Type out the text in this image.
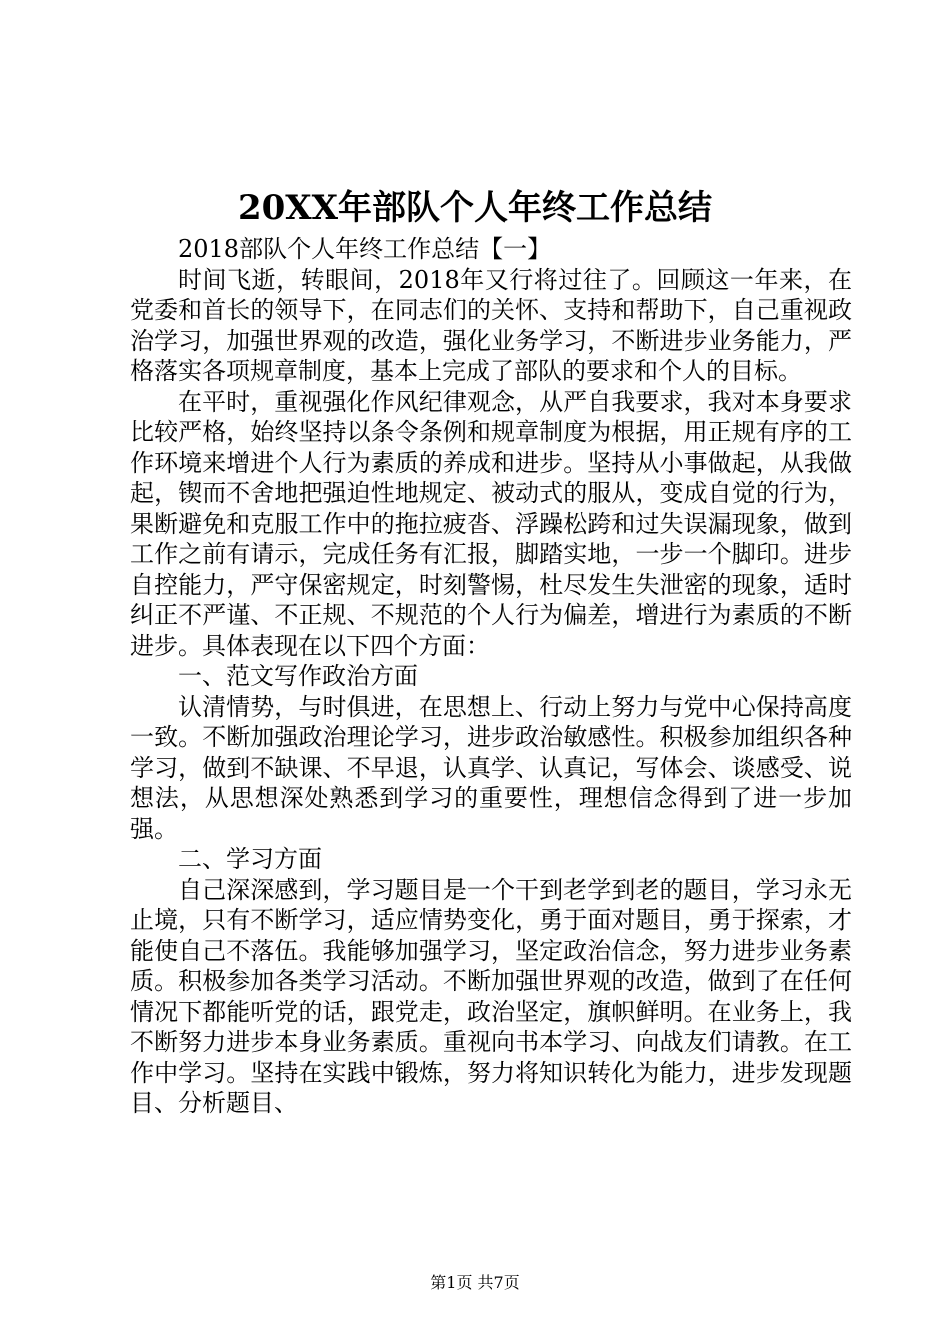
20XX年部队个人年终工作总结

2018部队个人年终工作总结【一】

时间飞逝，转眼间，2018年又行将过往了。回顾这一年来，在党委和首长的领导下，在同志们的关怀、支持和帮助下，自己重视政治学习，加强世界观的改造，强化业务学习，不断进步业务能力，严格落实各项规章制度，基本上完成了部队的要求和个人的目标。

在平时，重视强化作风纪律观念，从严自我要求，我对本身要求比较严格，始终坚持以条令条例和规章制度为根据，用正规有序的工作环境来增进个人行为素质的养成和进步。坚持从小事做起，从我做起，锲而不舍地把强迫性地规定、被动式的服从，变成自觉的行为，果断避免和克服工作中的拖拉疲沓、浮躁松跨和过失误漏现象，做到工作之前有请示，完成任务有汇报，脚踏实地，一步一个脚印。进步自控能力，严守保密规定，时刻警惕，杜尽发生失泄密的现象，适时纠正不严谨、不正规、不规范的个人行为偏差，增进行为素质的不断进步。具体表现在以下四个方面：

一、范文写作政治方面

认清情势，与时俱进，在思想上、行动上努力与党中心保持高度一致。不断加强政治理论学习，进步政治敏感性。积极参加组织各种学习，做到不缺课、不早退，认真学、认真记，写体会、谈感受、说想法，从思想深处熟悉到学习的重要性，理想信念得到了进一步加强。

二、学习方面

自己深深感到，学习题目是一个干到老学到老的题目，学习永无止境，只有不断学习，适应情势变化，勇于面对题目，勇于探索，才能使自己不落伍。我能够加强学习，坚定政治信念，努力进步业务素质。积极参加各类学习活动。不断加强世界观的改造，做到了在任何情况下都能听党的话，跟党走，政治坚定，旗帜鲜明。在业务上，我不断努力进步本身业务素质。重视向书本学习、向战友们请教。在工作中学习。坚持在实践中锻炼，努力将知识转化为能力，进步发现题目、分析题目、

第1页 共7页
